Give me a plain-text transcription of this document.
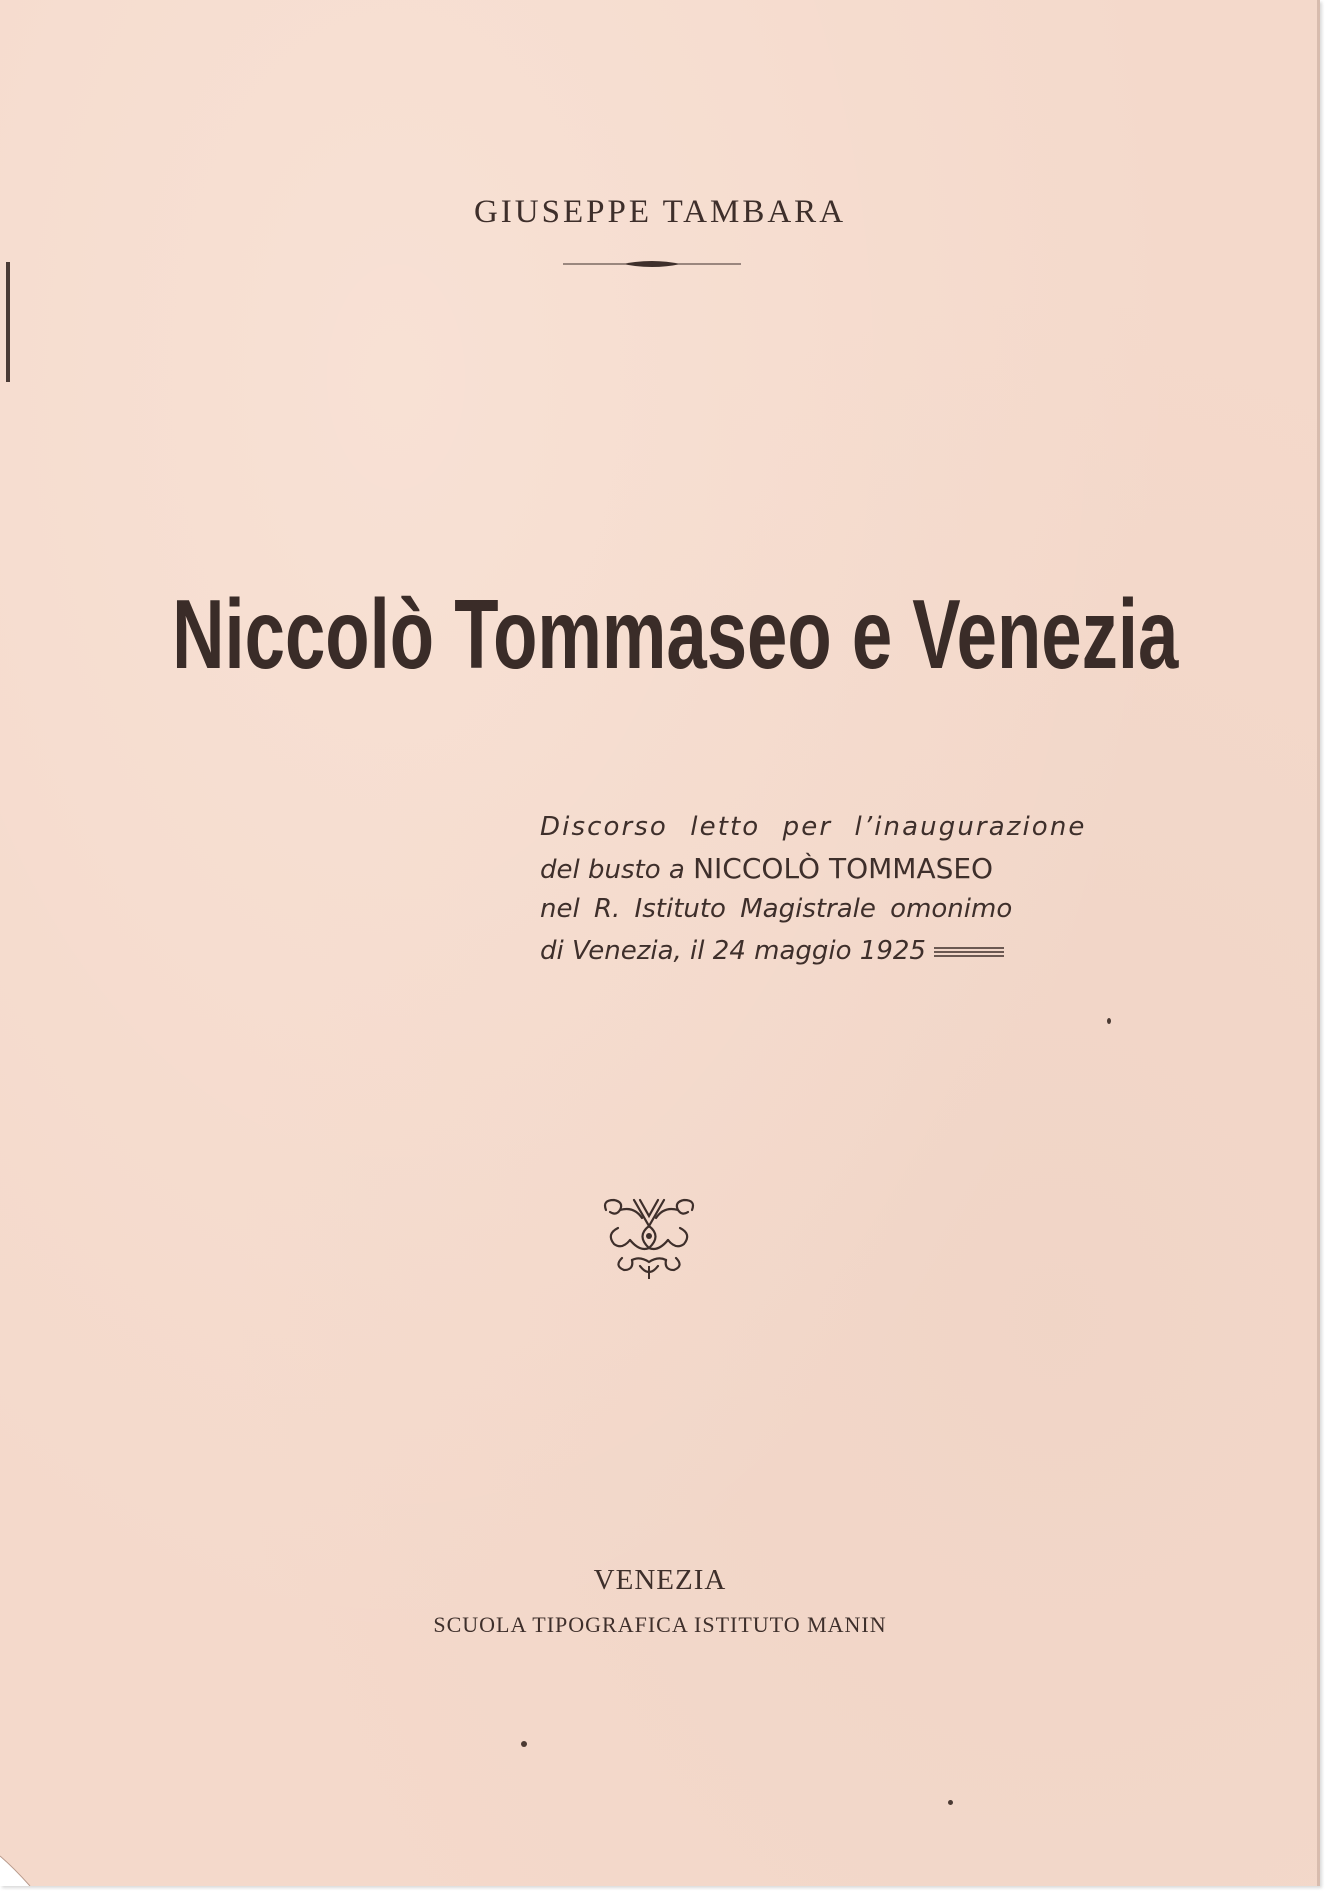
GIUSEPPE TAMBARA
Niccolò Tommaseo e Venezia
Discorso letto per l’inaugurazione
del busto a NICCOLÒ TOMMASEO
nel R. Istituto Magistrale omonimo
di Venezia, il 24 maggio 1925
VENEZIA
SCUOLA TIPOGRAFICA ISTITUTO MANIN
